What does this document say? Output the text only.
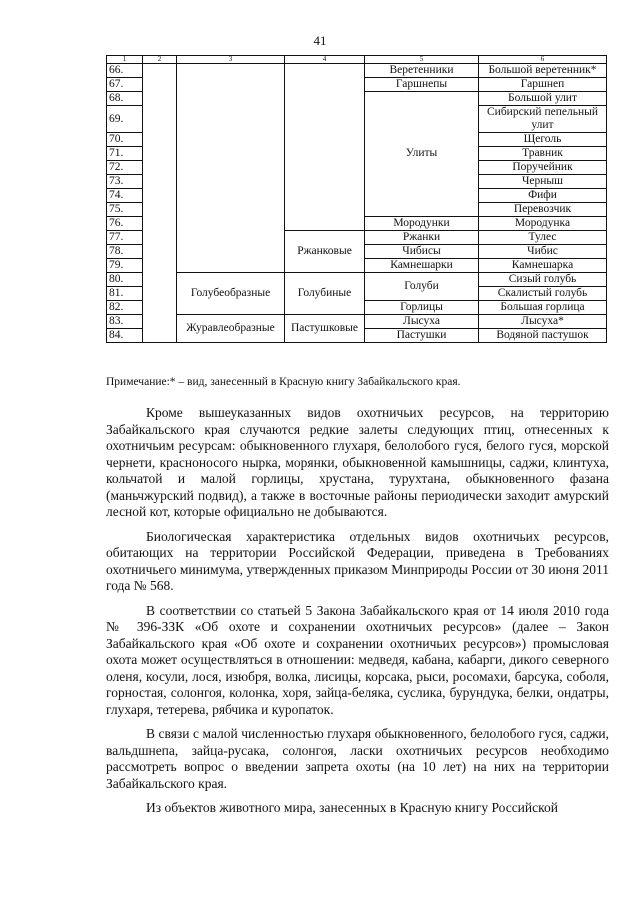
41
1	2	3	4	5	6
66.				Веретенники	Большой веретенник*
67.				Гаршнепы	Гаршнеп
68.				Улиты	Большой улит
69.					Сибирский пепельный улит
70.					Щеголь
71.					Травник
72.					Поручейник
73.					Черныш
74.					Фифи
75.					Перевозчик
76.				Мородунки	Мородунка
77.			Ржанковые	Ржанки	Тулес
78.				Чибисы	Чибис
79.				Камнешарки	Камнешарка
80.		Голубеобразные	Голубиные	Голуби	Сизый голубь
81.					Скалистый голубь
82.				Горлицы	Большая горлица
83.		Журавлеобразные	Пастушковые	Лысуха	Лысуха*
84.				Пастушки	Водяной пастушок
Примечание:* – вид, занесенный в Красную книгу Забайкальского края.

Кроме вышеуказанных видов охотничьих ресурсов, на территорию Забайкальского края случаются редкие залеты следующих птиц, отнесенных к охотничьим ресурсам: обыкновенного глухаря, белолобого гуся, белого гуся, морской чернети, красноносого нырка, морянки, обыкновенной камышницы, саджи, клинтуха, кольчатой и малой горлицы, хрустана, турухтана, обыкновенного фазана (маньчжурский подвид), а также в восточные районы периодически заходит амурский лесной кот, которые официально не добываются.

Биологическая характеристика отдельных видов охотничьих ресурсов, обитающих на территории Российской Федерации, приведена в Требованиях охотничьего минимума, утвержденных приказом Минприроды России от 30 июня 2011 года № 568.

В соответствии со статьей 5 Закона Забайкальского края от 14 июля 2010 года № 396-ЗЗК «Об охоте и сохранении охотничьих ресурсов» (далее – Закон Забайкальского края «Об охоте и сохранении охотничьих ресурсов») промысловая охота может осуществляться в отношении: медведя, кабана, кабарги, дикого северного оленя, косули, лося, изюбря, волка, лисицы, корсака, рыси, росомахи, барсука, соболя, горностая, солонгоя, колонка, хоря, зайца-беляка, суслика, бурундука, белки, ондатры, глухаря, тетерева, рябчика и куропаток.

В связи с малой численностью глухаря обыкновенного, белолобого гуся, саджи, вальдшнепа, зайца-русака, солонгоя, ласки охотничьих ресурсов необходимо рассмотреть вопрос о введении запрета охоты (на 10 лет) на них на территории Забайкальского края.

Из объектов животного мира, занесенных в Красную книгу Российской
